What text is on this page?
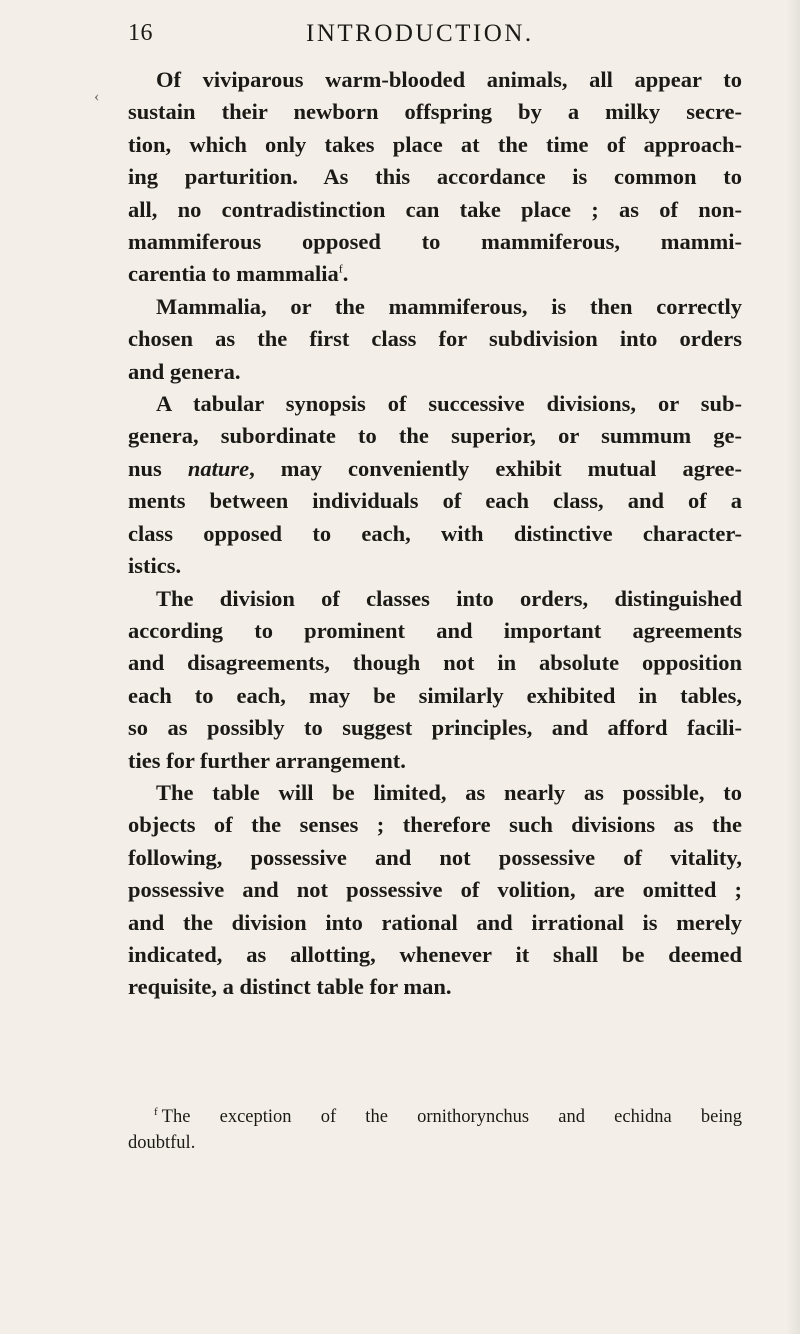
‹
16	INTRODUCTION.

Of viviparous warm-blooded animals, all appear to
sustain their newborn offspring by a milky secre-
tion, which only takes place at the time of approach-
ing parturition. As this accordance is common to
all, no contradistinction can take place ; as of non-
mammiferous opposed to mammiferous, mammi-
carentia to mammalia$^f$.

Mammalia, or the mammiferous, is then correctly
chosen as the first class for subdivision into orders
and genera.

A tabular synopsis of successive divisions, or sub-
genera, subordinate to the superior, or summum ge-
nus nature, may conveniently exhibit mutual agree-
ments between individuals of each class, and of a
class opposed to each, with distinctive character-
istics.

The division of classes into orders, distinguished
according to prominent and important agreements
and disagreements, though not in absolute opposition
each to each, may be similarly exhibited in tables,
so as possibly to suggest principles, and afford facili-
ties for further arrangement.

The table will be limited, as nearly as possible, to
objects of the senses ; therefore such divisions as the
following, possessive and not possessive of vitality,
possessive and not possessive of volition, are omitted ;
and the division into rational and irrational is merely
indicated, as allotting, whenever it shall be deemed
requisite, a distinct table for man.

$^f$ The exception of the ornithorynchus and echidna being
doubtful.
